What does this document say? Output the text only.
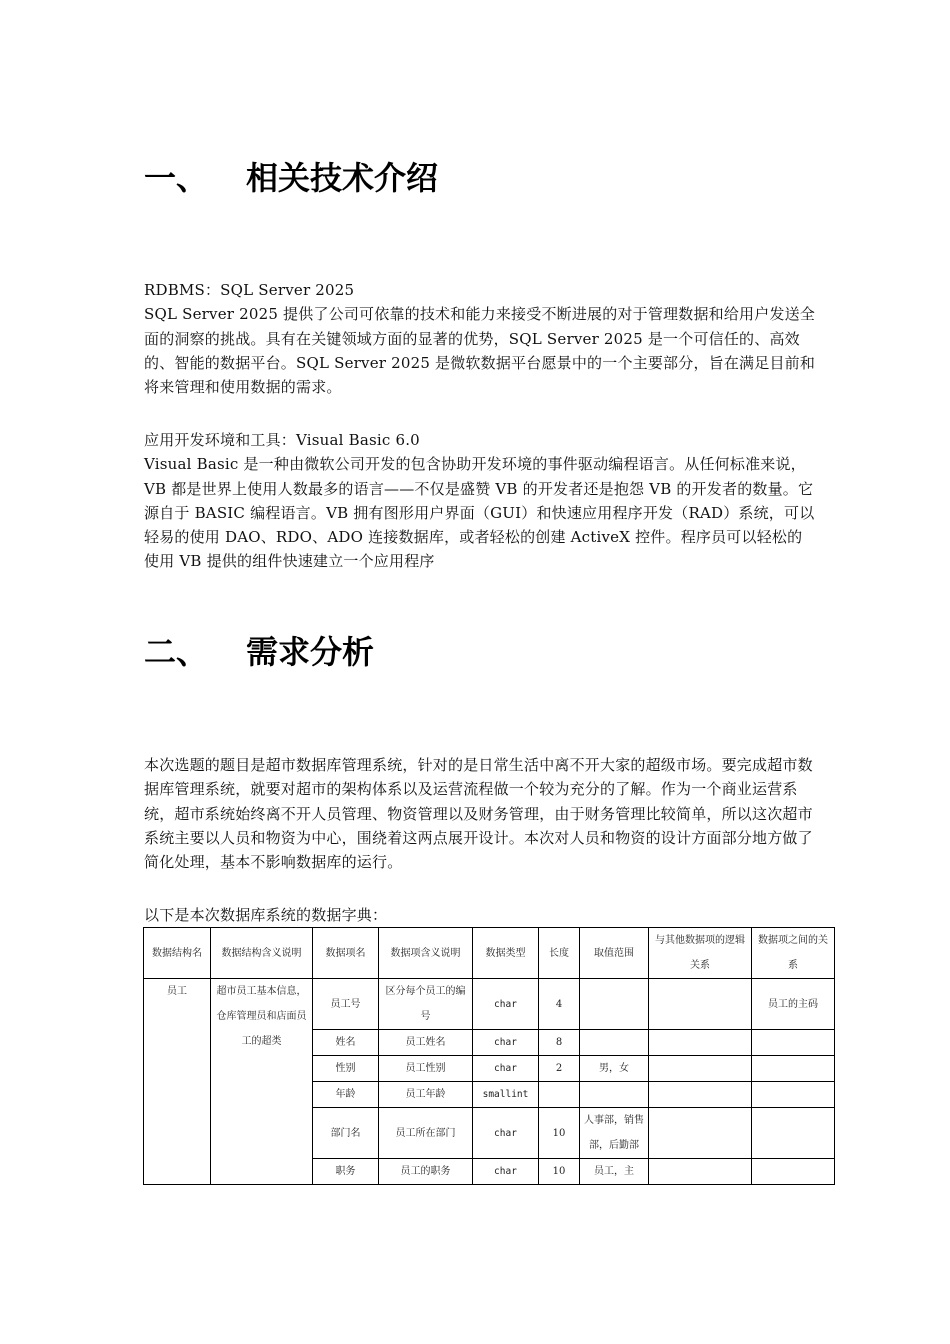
一、 相关技术介绍

RDBMS：SQL Server 2025

SQL Server 2025 提供了公司可依靠的技术和能力来接受不断进展的对于管理数据和给用户发送全面的洞察的挑战。具有在关键领域方面的显著的优势，SQL Server 2025 是一个可信任的、高效的、智能的数据平台。SQL Server 2025 是微软数据平台愿景中的一个主要部分，旨在满足目前和将来管理和使用数据的需求。

应用开发环境和工具：Visual Basic 6.0

Visual Basic 是一种由微软公司开发的包含协助开发环境的事件驱动编程语言。从任何标准来说，VB 都是世界上使用人数最多的语言——不仅是盛赞 VB 的开发者还是抱怨 VB 的开发者的数量。它源自于 BASIC 编程语言。VB 拥有图形用户界面（GUI）和快速应用程序开发（RAD）系统，可以轻易的使用 DAO、RDO、ADO 连接数据库，或者轻松的创建 ActiveX 控件。程序员可以轻松的使用 VB 提供的组件快速建立一个应用程序

二、 需求分析

本次选题的题目是超市数据库管理系统，针对的是日常生活中离不开大家的超级市场。要完成超市数据库管理系统，就要对超市的架构体系以及运营流程做一个较为充分的了解。作为一个商业运营系统，超市系统始终离不开人员管理、物资管理以及财务管理，由于财务管理比较简单，所以这次超市系统主要以人员和物资为中心，围绕着这两点展开设计。本次对人员和物资的设计方面部分地方做了简化处理，基本不影响数据库的运行。

以下是本次数据库系统的数据字典：

数据结构名	数据结构含义说明	数据项名	数据项含义说明	数据类型	长度	取值范围	与其他数据项的逻辑关系	数据项之间的关系
员工	超市员工基本信息，仓库管理员和店面员工的超类	员工号	区分每个员工的编号	char	4			员工的主码
		姓名	员工姓名	char	8			
		性别	员工性别	char	2	男，女		
		年龄	员工年龄	smallint				
		部门名	员工所在部门	char	10	人事部，销售部，后勤部		
		职务	员工的职务	char	10	员工，主		
